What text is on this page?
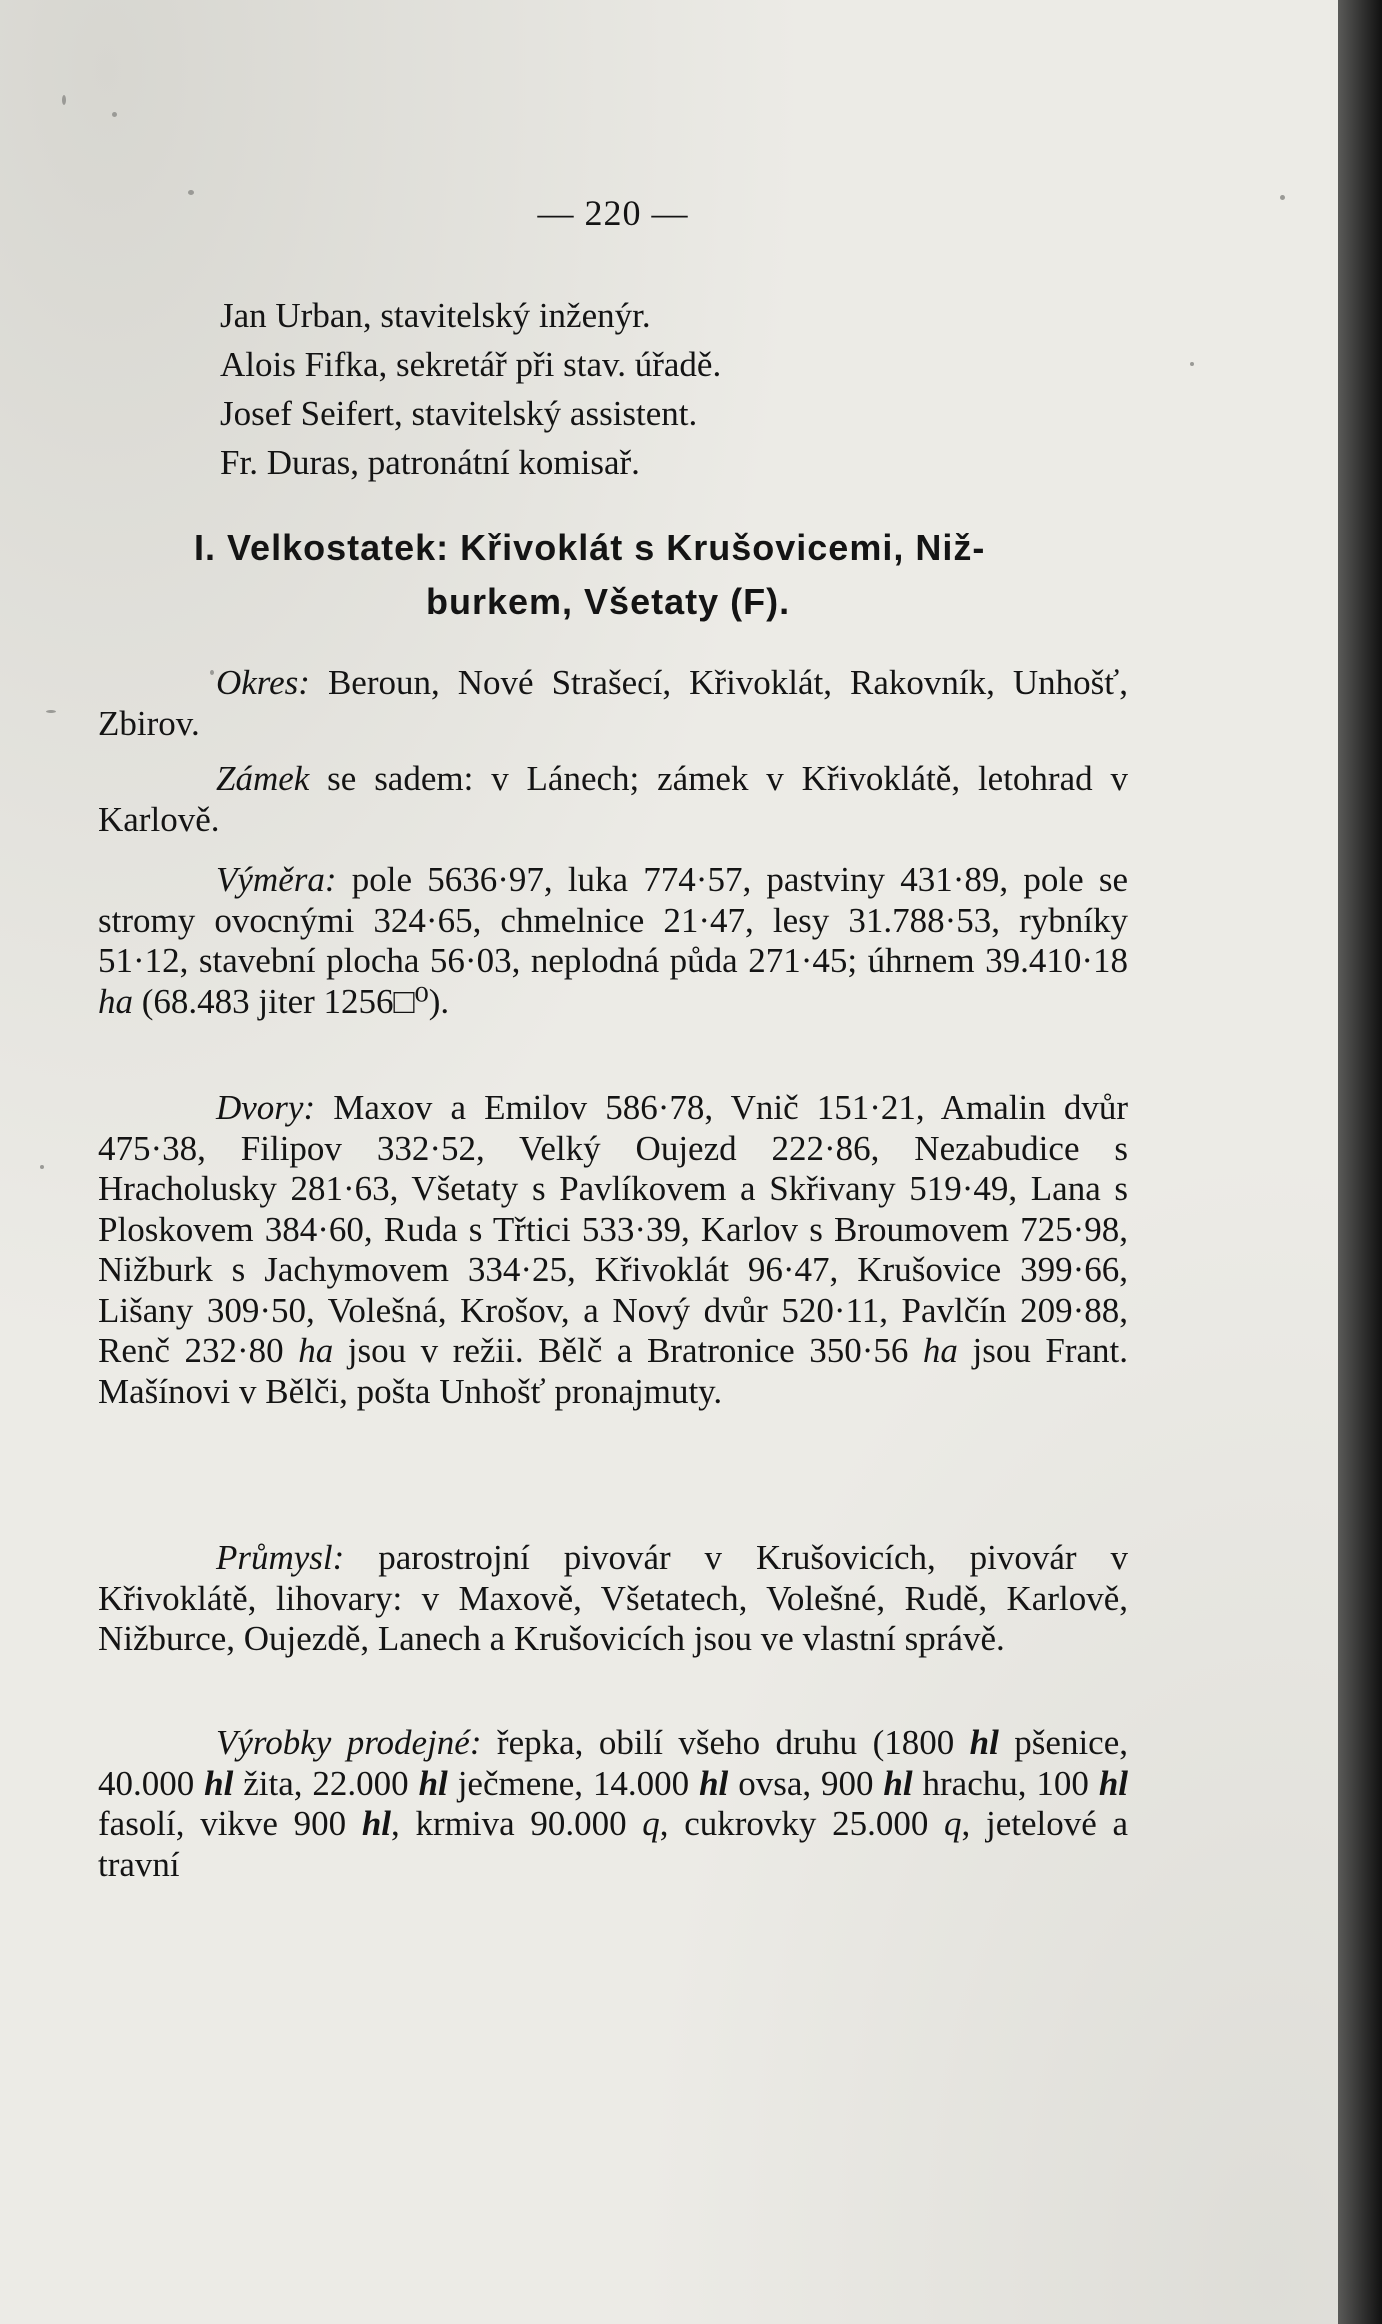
— 220 —

Jan Urban, stavitelský inženýr.

Alois Fifka, sekretář při stav. úřadě.

Josef Seifert, stavitelský assistent.

Fr. Duras, patronátní komisař.

I. Velkostatek: Křivoklát s Krušovicemi, Niž-
burkem, Všetaty (F).

Okres: Beroun, Nové Strašecí, Křivoklát, Rakovník, Unhošť, Zbirov.

Zámek se sadem: v Lánech; zámek v Křivoklátě, letohrad v Karlově.

Výměra: pole 5636·97, luka 774·57, pastviny 431·89, pole se stromy ovocnými 324·65, chmelnice 21·47, lesy 31.788·53, rybníky 51·12, stavební plocha 56·03, neplodná půda 271·45; úhrnem 39.410·18 ha (68.483 jiter 1256□⁰).

Dvory: Maxov a Emilov 586·78, Vnič 151·21, Amalin dvůr 475·38, Filipov 332·52, Velký Oujezd 222·86, Nezabudice s Hracholusky 281·63, Všetaty s Pavlíkovem a Skřivany 519·49, Lana s Ploskovem 384·60, Ruda s Třtici 533·39, Karlov s Broumovem 725·98, Nižburk s Jachymovem 334·25, Křivoklát 96·47, Krušovice 399·66, Lišany 309·50, Volešná, Krošov, a Nový dvůr 520·11, Pavlčín 209·88, Renč 232·80 ha jsou v režii. Bělč a Bratronice 350·56 ha jsou Frant. Mašínovi v Bělči, pošta Unhošť pronajmuty.

Průmysl: parostrojní pivovár v Krušovicích, pivovár v Křivoklátě, lihovary: v Maxově, Všetatech, Volešné, Rudě, Karlově, Nižburce, Oujezdě, Lanech a Krušovicích jsou ve vlastní správě.

Výrobky prodejné: řepka, obilí všeho druhu (1800 hl pšenice, 40.000 hl žita, 22.000 hl ječmene, 14.000 hl ovsa, 900 hl hrachu, 100 hl fasolí, vikve 900 hl, krmiva 90.000 q, cukrovky 25.000 q, jetelové a travní
